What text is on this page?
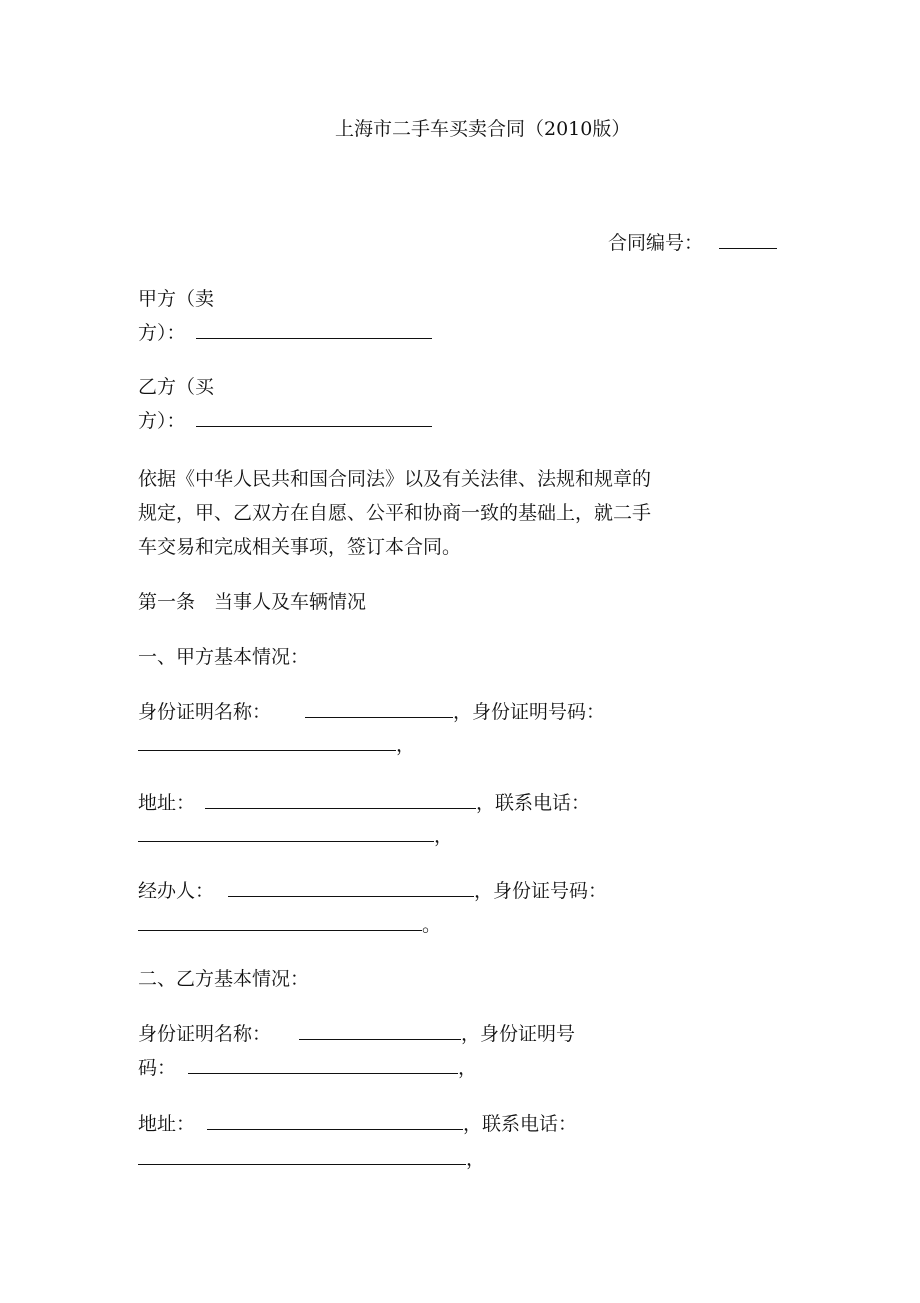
上海市二手车买卖合同（2010版）
合同编号：
甲方（卖
方）：
乙方（买
方）：
依据《中华人民共和国合同法》以及有关法律、法规和规章的
规定，甲、乙双方在自愿、公平和协商一致的基础上，就二手
车交易和完成相关事项，签订本合同。
第一条　当事人及车辆情况
一、甲方基本情况：
身份证明名称：	，身份证明号码：
，
地址：	，联系电话：
，
经办人：	，身份证号码：
。
二、乙方基本情况：
身份证明名称：	，身份证明号
码：	，
地址：	，联系电话：
，
